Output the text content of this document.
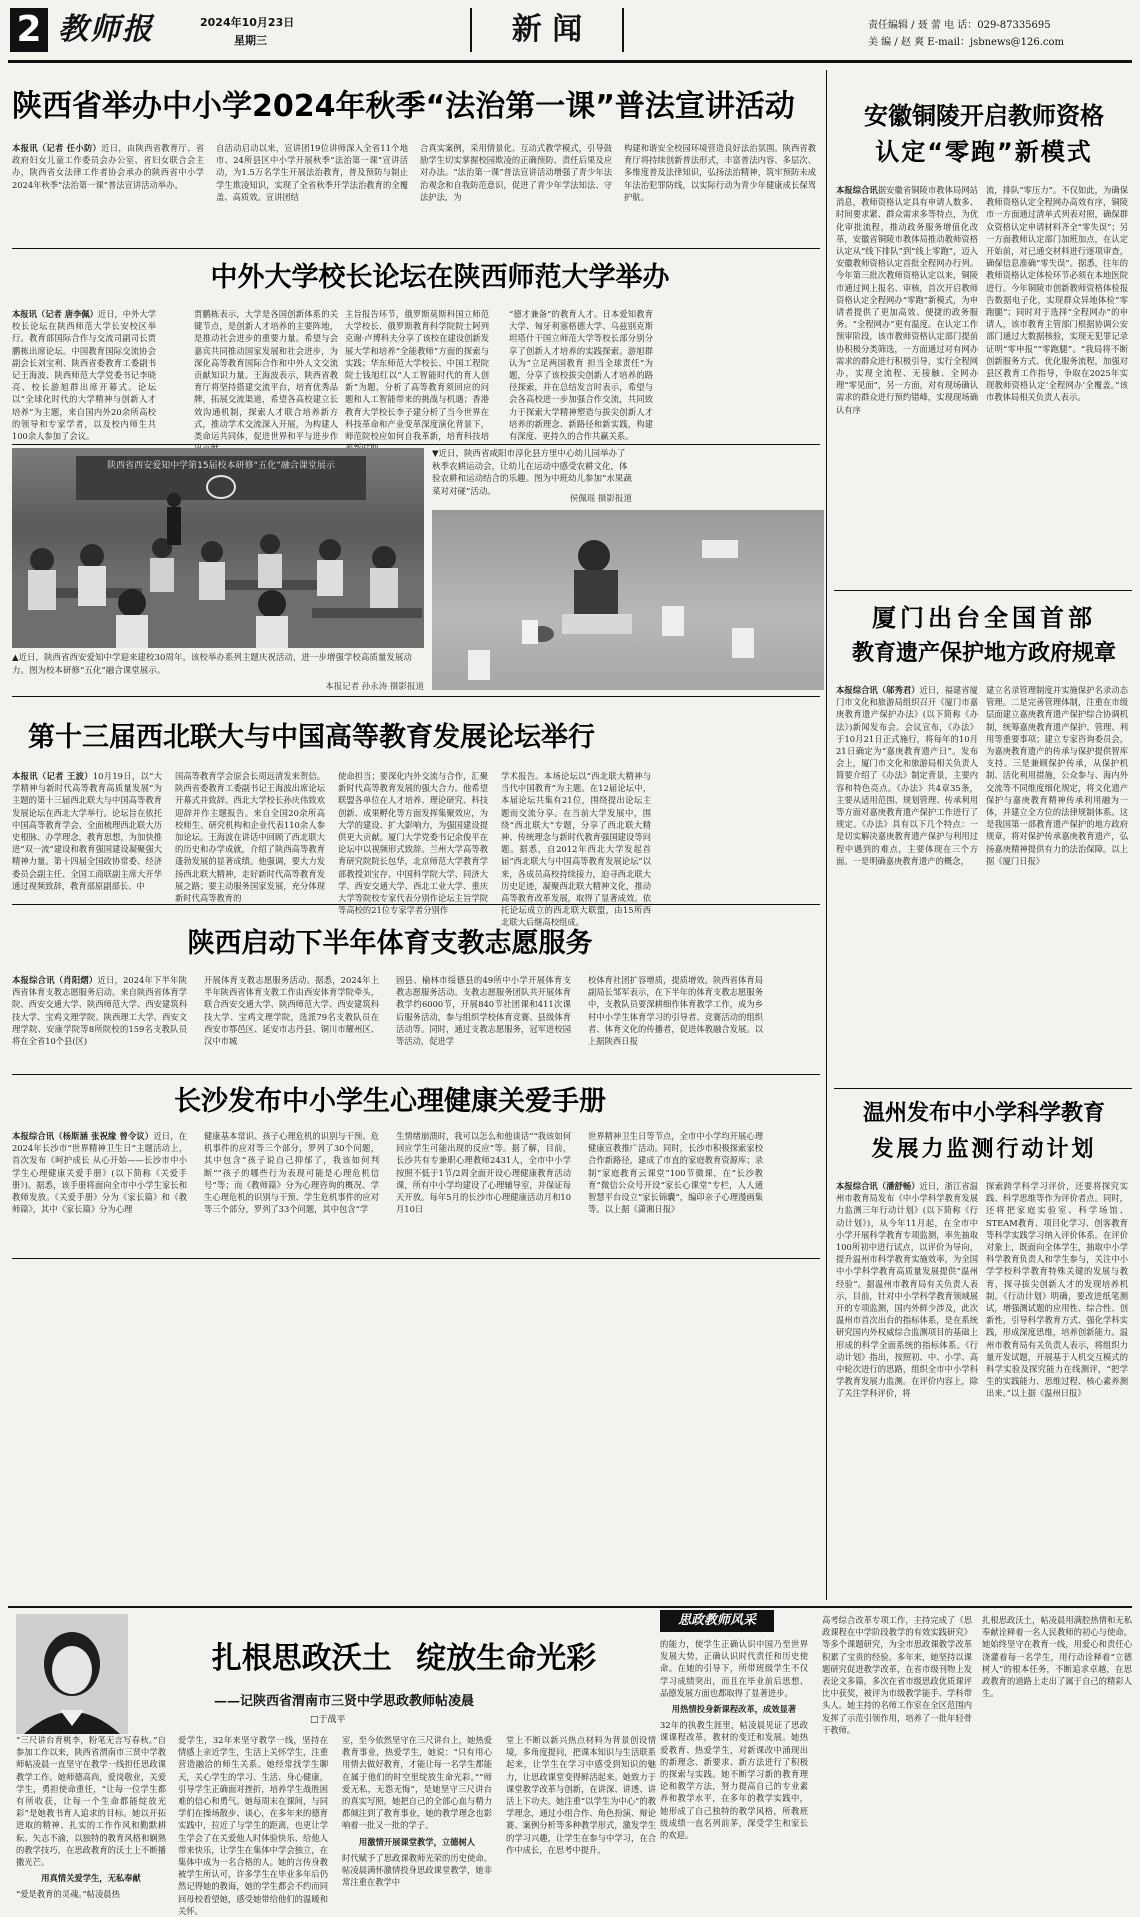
2 教师报	2024年10月23日
星期三	新 闻	责任编辑 / 聂 蕾 电 话：029-87335695
美 编 / 赵 爽 E-mail：jsbnews@126.com
陕西省举办中小学2024年秋季“法治第一课”普法宣讲活动
本报讯（记者 任小防）近日，由陕西省教育厅、省政府妇女儿童工作委员会办公室、省妇女联合会主办，陕西省女法律工作者协会承办的陕西省中小学2024年秋季“法治第一课”普法宣讲活动举办。
自活动启动以来，宣讲团19位讲师深入全省11个地市、24所县区中小学开展秋季“法治第一课”宣讲活动，为1.5万名学生开展法治教育，普及预防与制止学生欺凌知识，实现了全省秋季开学法治教育的全覆盖、高质效。宣讲团结
合真实案例，采用情景化、互动式教学模式，引导鼓励学生切实掌握校园欺凌的正确预防、责任后果及应对办法。“法治第一课”普法宣讲活动增强了青少年法治观念和自我防范意识，促进了青少年学法知法、守法护法，为
构建和谐安全校园环境营造良好法治氛围。陕西省教育厅将持续创新普法形式，丰富普法内容、多层次、多维度普及法律知识，弘扬法治精神，筑牢预防未成年法治犯罪防线，以实际行动为青少年健康成长保驾护航。
中外大学校长论坛在陕西师范大学举办
本报讯（记者 唐李佩）近日，中外大学校长论坛在陕西师范大学长安校区举行。教育部国际合作与交流司副司长贾鹏栋出席论坛。中国教育国际交流协会副会长刘宝利、陕西省委教育工委副书记王海波、陕西师范大学党委书记李晓亮、校长游旭群出席开幕式。论坛以“全球化时代的大学精神与创新人才培养”为主题，来自国内外20余所高校的领导和专家学者，以及校内师生共100余人参加了会议。
贾鹏栋表示，大学是各国创新体系的关键节点，是创新人才培养的主要阵地，是推动社会进步的重要力量。希望与会嘉宾共同推动国家发展和社会进步，为深化高等教育国际合作和中外人文交流贡献知识力量。王海波表示，陕西省教育厅将坚持搭建交流平台，培育优秀品牌，拓展交流渠道，希望各高校建立长效沟通机制，探索人才联合培养新方式，推动学术交流深入开展，为构建人类命运共同体，促进世界和平与进步作
主旨报告环节，俄罗斯莫斯科国立师范大学校长、俄罗斯教育科学院院士阿列克谢·卢博科夫分享了该校在建设创新发展大学和培养“全能教师”方面的探索与实践；华东师范大学校长、中国工程院院士钱旭红以“人工智能时代的育人创新”为题，分析了高等教育须回应的问题和人工智能带来的挑战与机遇；香港教育大学校长李子建分析了当今世界在科技革命和产业变革深度演化背景下，师范院校应如何自我革新，培育科技培
“德才兼备”的教育人才。日本爱知教育大学、匈牙利塞格德大学、乌兹别克斯坦塔什干国立师范大学等校长部分别分享了创新人才培养的实践探索。游旭群认为“立足两国教育 担当全球责任”为题，分享了该校拔尖创新人才培养的路径探索，并在总结发言时表示，希望与会各高校进一步加强合作交流，共同致力于探索大学精神塑造与拔尖创新人才培养的新理念、新路径和新实践，构建有深度、更持久的合作共赢关系。
陕西省西安爱知中学第15届校本研修“五化”融合课堂展示
▲近日，陕西省西安爱知中学迎来建校30周年。该校举办系列主题庆祝活动，进一步增强学校高质量发展动力。图为校本研修“五化”融合课堂展示。
本报记者 孙永涛 摄影报道
▼近日，陕西省咸阳市淳化县方里中心幼儿园举办了秋季农耕运动会，让幼儿在运动中感受农耕文化，体验农耕和运动结合的乐趣。图为中班幼儿参加“水果蔬菜对对碰”活动。
侯佩瑶 摄影报道
第十三届西北联大与中国高等教育发展论坛举行
本报讯（记者 王波）10月19日，以“大学精神与新时代高等教育高质量发展”为主题的第十三届西北联大与中国高等教育发展论坛在西北大学举行。论坛旨在依托中国高等教育学会、全面梳理西北联大历史根脉、办学理念，教育思想，为加快推进“双一流”建设和教育强国建设凝聚强大精神力量。第十四届全国政协常委、经济委员会副主任、全国工商联副主席大开华通过视频致辞，教育部原副部长、中
国高等教育学会原会长周远清发来贺信。陕西省委教育工委副书记王海波出席论坛开幕式并致辞。西北大学校长孙庆伟致欢迎辞并作主题报告。来自全国20余所高校师生、研究机构和企业代表110余人参加论坛。王海波在讲话中回顾了西北联大的历史和办学成就，介绍了陕西高等教育蓬勃发展的显著成绩。他强调，要大力发扬西北联大精神，走好新时代高等教育发展之路；要主动服务国家发展，充分体现新时代高等教育的
使命担当；要深化内外交流与合作，汇聚新时代高等教育发展的强大合力。他希望联盟各单位在人才培养、理论研究、科技创新、成果孵化等方面发挥集聚效应，为大学的建设、扩大影响力，为强国建设提供更大贡献。厦门大学党委书记余俊平在论坛中以视频形式致辞。兰州大学高等教育研究院院长包华，北京师范大学教育学部教授刘宝存、中国科学院大学、同济大学、西安交通大学、西北工业大学、重庆大学等院校专家代表分别作论坛主旨学院等高校的21位专家学者分别作
学术报告。本场论坛以“西北联大精神与当代中国教育”为主题。在12届论坛中，本届论坛共集有21位，围绕提出论坛主题而交流分享。在当前大学发展中，围绕“西北联大”专题，分享了西北联大精神、传统理念与新时代教育强国建设等问题。据悉，自2012年西北大学发起首届“西北联大与中国高等教育发展论坛”以来，各成员高校持续接力，迫寻西北联大历史足迹，凝聚西北联大精神文化，推动高等教育改革发展，取得了显著成效。依托论坛成立的西北联大联盟，由15所西北联大后继高校组成。
陕西启动下半年体育支教志愿服务
本报综合讯（肖阳熠）近日，2024年下半年陕西省体育支教志愿服务启动。来自陕西省体育学院、西安交通大学、陕西师范大学、西安建筑科技大学、宝鸡文理学院、陕西理工大学、西安文理学院、安康学院等8所院校的159名支教队员将在全省10个县(区)
开展体育支教志愿服务活动。据悉，2024年上半年陕西省体育支教工作由西安体育学院牵头，联合西安交通大学、陕西师范大学、西安建筑科技大学、宝鸡文理学院，选派79名支教队员在西安市鄠邑区、延安市志丹县、铜川市耀州区、汉中市城
固县、榆林市绥德县的49所中小学开展体育支教志愿服务活动。支教志愿服务团队共开展体育教学约6000节，开展840节社团课和411次课后服务活动，参与组织学校体育竞赛、县级体育活动等。同时，通过支教志愿服务，冠军进校园等活动，促进学
校体育社团扩容增质，提质增效。陕西省体育局副局长邹军表示，在下半年的体育支教志愿服务中，支教队员要深耕细作体育教学工作，成为乡村中小学生体育学习的引导者、竞赛活动的组织者、体育文化的传播者，促进体教融合发展。以上据陕西日报
长沙发布中小学生心理健康关爱手册
本报综合讯（杨斯涵 张祝缘 曾令议）近日，在2024年长沙市“世界精神卫生日”主题活动上，首次发布《呵护成长 从心开始——长沙市中小学生心理健康关爱手册》(以下简称《关爱手册》)。据悉，该手册将面向全市中小学生家长和教师发放。《关爱手册》分为《家长篇》和《教师篇》，其中《家长篇》分为心理
健康基本常识、孩子心理危机的识别与干预、危机事件的应对等三个部分，罗列了30个问题，其中包含“孩子说自己抑郁了，我该如何判断”“孩子的哪些行为表现可能是心理危机信号”等；而《教师篇》分为心理咨询的概况、学生心理危机的识别与干预、学生危机事件的应对等三个部分，罗列了33个问题，其中包含“学
生情绪崩溃时，我可以怎么和他谈话”“我该如何回应学生可能出现的反应”等。据了解，目前，长沙共有专兼职心理教师2431人，全市中小学按照不低于1节/2周全面开设心理健康教育活动课，所有中小学均建设了心理辅导室，并保证每天开放。每年5月的长沙市心理健康活动月和10月10日
世界精神卫生日等节点，全市中小学均开展心理健康宣教推广活动。同时，长沙市积极探索家校合作新路径，建成了市直的家庭教育资源库；录制“家庭教育云课堂”100节微课，在“长沙教育”微信公众号开设“家长心课堂”专栏，人人通智慧平台设立“家长锦囊”，编印亲子心理漫画集等。以上据《潇湘日报》
安徽铜陵开启教师资格
认定“零跑”新模式
本报综合讯据安徽省铜陵市教体局网站消息，教师资格认定具有申请人数多、时间要求紧、群众需求多等特点，为优化审批流程，推动政务服务增值化改革，安徽省铜陵市教体局推动教师资格认定从“线下排队”到“线上零跑”，迈入安徽教师资格认定首批全程网办行列。今年第三批次教师资格认定以来，铜陵市通过网上报名、审核，首次开启教师资格认定全程网办“零跑”新模式，为申请者提供了更加高效、便捷的政务服务。“全程网办”更有温度。在认定工作预审阶段，该市教师资格认定部门提前协积极分类筛选，一方面通过对有网办需求的群众进行积极引导，实行全程网办，实现全流程、无接触、全网办理“零见面”，另一方面，对有现场确认需求的群众进行预约错峰，实现现场确认有序
流，排队“零压力”。不仅如此，为确保教师资格认定全程网办高效有序，铜陵市一方面通过清单式列表对照，确保群众资格认定申请材料齐全“零失误”；另一方面教师认定部门加班加点，在认定开始前，对已通交材料进行逐项审查，确保信息准确“零失误”。据悉，往年的教师资格认定体检环节必须在本地医院进行。今年铜陵市创新教师资格体检报告数据电子化，实现群众异地体检“零跑腿”；同时对于选择“全程网办”的申请人，该市教育主管部门根据协调公安部门通过大数据核验，实现无犯罪记录证明“零申报”“零跑腿”。“我局将不断创新服务方式、优化服务流程，加强对县区教育工作指导，争取在2025年实现教师资格认定‘全程网办’全覆盖。”该市教体局相关负责人表示。
厦门出台全国首部
教育遗产保护地方政府规章
本报综合讯（邬秀君）近日，福建省厦门市文化和旅游局组织召开《厦门市嘉庚教育遗产保护办法》(以下简称《办法》)新闻发布会。会议宣布，《办法》于10月21日正式施行，将每年的10月21日确定为“嘉庚教育遗产日”。发布会上，厦门市文化和旅游局相关负责人简要介绍了《办法》制定背景，主要内容和特色亮点。《办法》共4章35条，主要从适用范围、规划管理、传承利用等方面对嘉庚教育遗产保护工作进行了规定。《办法》具有以下几个特点：一是切实解决嘉庚教育遗产保护与利用过程中遇到的难点，主要体现在三个方面。一是明确嘉庚教育遗产的概念，
建立名录管理制度并实施保护名录动态管理。二是完善管理体制，注重在市级层面建立嘉庚教育遗产保护综合协调机制，统筹嘉庚教育遗产保护、管理、利用等重要事项；建立专家咨询委员会，为嘉庚教育遗产的传承与保护提供智库支持。三是兼顾保护传承，从保护机制、活化利用措施，公众参与、海内外交流等不同维度细化规定，将文化遗产保护与嘉庚教育精神传承利用融为一体，并建立全方位的法律规制体系。这是我国第一部教育遗产保护的地方政府规章，将对保护传承嘉庚教育遗产，弘扬嘉庚精神提供有力的法治保障。以上据《厦门日报》
温州发布中小学科学教育
发展力监测行动计划
本报综合讯（潘舒畅）近日，浙江省温州市教育局发布《中小学科学教育发展力监测三年行动计划》(以下简称《行动计划》)，从今年11月起，在全市中小学开展科学教育专项监测，率先抽取100所初中进行试点，以评价为导向，提升温州市科学教育实施效率，为全国中小学科学教育高质量发展提供“温州经验”。据温州市教育局有关负责人表示，目前，针对中小学科学教育领域展开的专项监测，国内外鲜少涉及，此次温州市首次出台的指标体系，是在系统研究国内外权威综合监测项目的基础上形成的科学全面系统的指标体系。《行动计划》指出，按照初、中、小学、高中轮次进行的思路，组织全市中小学科学教育发展力监测。在评价内容上，除了关注学科评价，将
探索跨学科学习评价，还要将探究实践、科学思维等作为评价者点。同时，还将把家庭实验室、科学场馆、STEAM教育、项目化学习、创客教育等科学实践学习纳入评价体系。在评价对象上，既面向全体学生，抽取中小学科学教育负责人和学生参与，关注中小学学校科学教育特殊关键的发展与教育，探寻拔尖创新人才的发现培养机制。《行动计划》明确，要改进纸笔测试，增强测试题的应用性、综合性、创新性，引导科学教育方式、强化学科实践，形成深度思维，培养创新能力。温州市教育局有关负责人表示，将组织力量开发试题，开展基于人机交互模式的科学实验及探究能力在线测评，“把学生的实践能力、思维过程、核心素养测出来。”以上据《温州日报》
思政教师风采
扎根思政沃土 绽放生命光彩
——记陕西省渭南市三贤中学思政教师帖凌晨
□于战平
“三尺讲台育桃李，粉笔无言写春秋。”自参加工作以来，陕西省渭南市三贤中学教师帖凌晨一直坚守在教学一线担任思政课教学工作。她师德高尚，爱岗敬业，关爱学生，勇担使命重任，“让每一位学生都有所收获，让每一个生命都能绽放光彩”是她教书育人追求的目标。她以开拓进取的精神、扎实的工作作风和勤默耕耘、矢志不渝，以独特的教育风格和娴熟的教学技巧，在思政教育的沃土上不断播撒光芒。
用真情关爱学生，无私奉献
“爱是教育的灵魂。”帖凌晨热
爱学生，32年来坚守教学一线，坚持在情感上亲近学生，生活上关怀学生，注重营造融洽的师生关系。她经常找学生聊天，关心学生的学习、生活、身心健康，引导学生正确面对挫折，培养学生战胜困难的信心和勇气。她每周末在课间，与同学们在操场散步、谈心，在多年来的德育实践中，拉近了与学生的距离，也更让学生学会了在关爱他人时体验快乐、给他人带来快乐，让学生在集体中学会独立，在集体中成为一名合格的人。她的言传身教被学生所认可，许多学生在毕业多年后仍然记得她的教诲，她的学生都会不约而同回母校看望她，感受她带给他们的温暖和关怀。
室，至今依然坚守在三尺讲台上，她热爱教育事业，热爱学生，她说：“只有用心用情去做好教育，才能让每一名学生都能在属于他们的时空里绽放生命光彩。”“师爱无私，无怨无悔”，是她坚守三尺讲台的真实写照，她把自己的全部心血与精力都倾注到了教育事业，她的教学理念也影响着一批又一批的学子。
用激情开展课堂教学，立德树人
时代赋予了思政课教师光荣的历史使命。帖凌晨满怀激情投身思政课堂教学，她非常注重在教学中
堂上不断以新兴热点材料为背景创设情境，多角度提问，把课本知识与生活联系起来，让学生在学习中感受到知识的魅力，让思政课堂变得鲜活起来。她致力于课堂教学改革与创新，在讲深、讲透、讲活上下功夫。她注重“以学生为中心”的教学理念，通过小组合作、角色扮演、辩论赛、案例分析等多种教学形式，激发学生的学习兴趣，让学生在参与中学习，在合作中成长，在思考中提升。
的能力，使学生正确认识中国乃至世界发展大势，正确认识时代责任和历史使命。在她的引导下，所带班级学生不仅学习成绩突出，而且在毕业前后思想、品德发展方面也都取得了显著进步。
用热情投身新课程改革，成效显著
32年的执教生涯里，帖凌晨见证了思政课课程改革，教材的变迁和发展。她热爱教育、热爱学生，对新课改中涌现出的新理念、新要求、新方法进行了积极的探索与实践。她不断学习新的教育理论和教学方法，努力提高自己的专业素养和教学水平，在多年的教学实践中，她形成了自己独特的教学风格，所教班级成绩一直名列前茅，深受学生和家长的欢迎。
高考综合改革专项工作，主持完成了《思政课程在中学阶段教学的有效实践研究》等多个课题研究，为全市思政课教学改革积累了宝贵的经验。多年来，她坚持以课题研究促进教学改革，在省市级刊物上发表论文多篇，多次在省市级思政优质课评比中获奖，被评为市级教学能手、学科带头人。她主持的名师工作室在全区范围内发挥了示范引领作用，培养了一批年轻骨干教师。
扎根思政沃土，帖凌晨用满腔热情和无私奉献诠释着一名人民教师的初心与使命。她始终坚守在教育一线，用爱心和责任心浇灌着每一名学生，用行动诠释着“立德树人”的根本任务，不断追求卓越，在思政教育的道路上走出了属于自己的精彩人生。
